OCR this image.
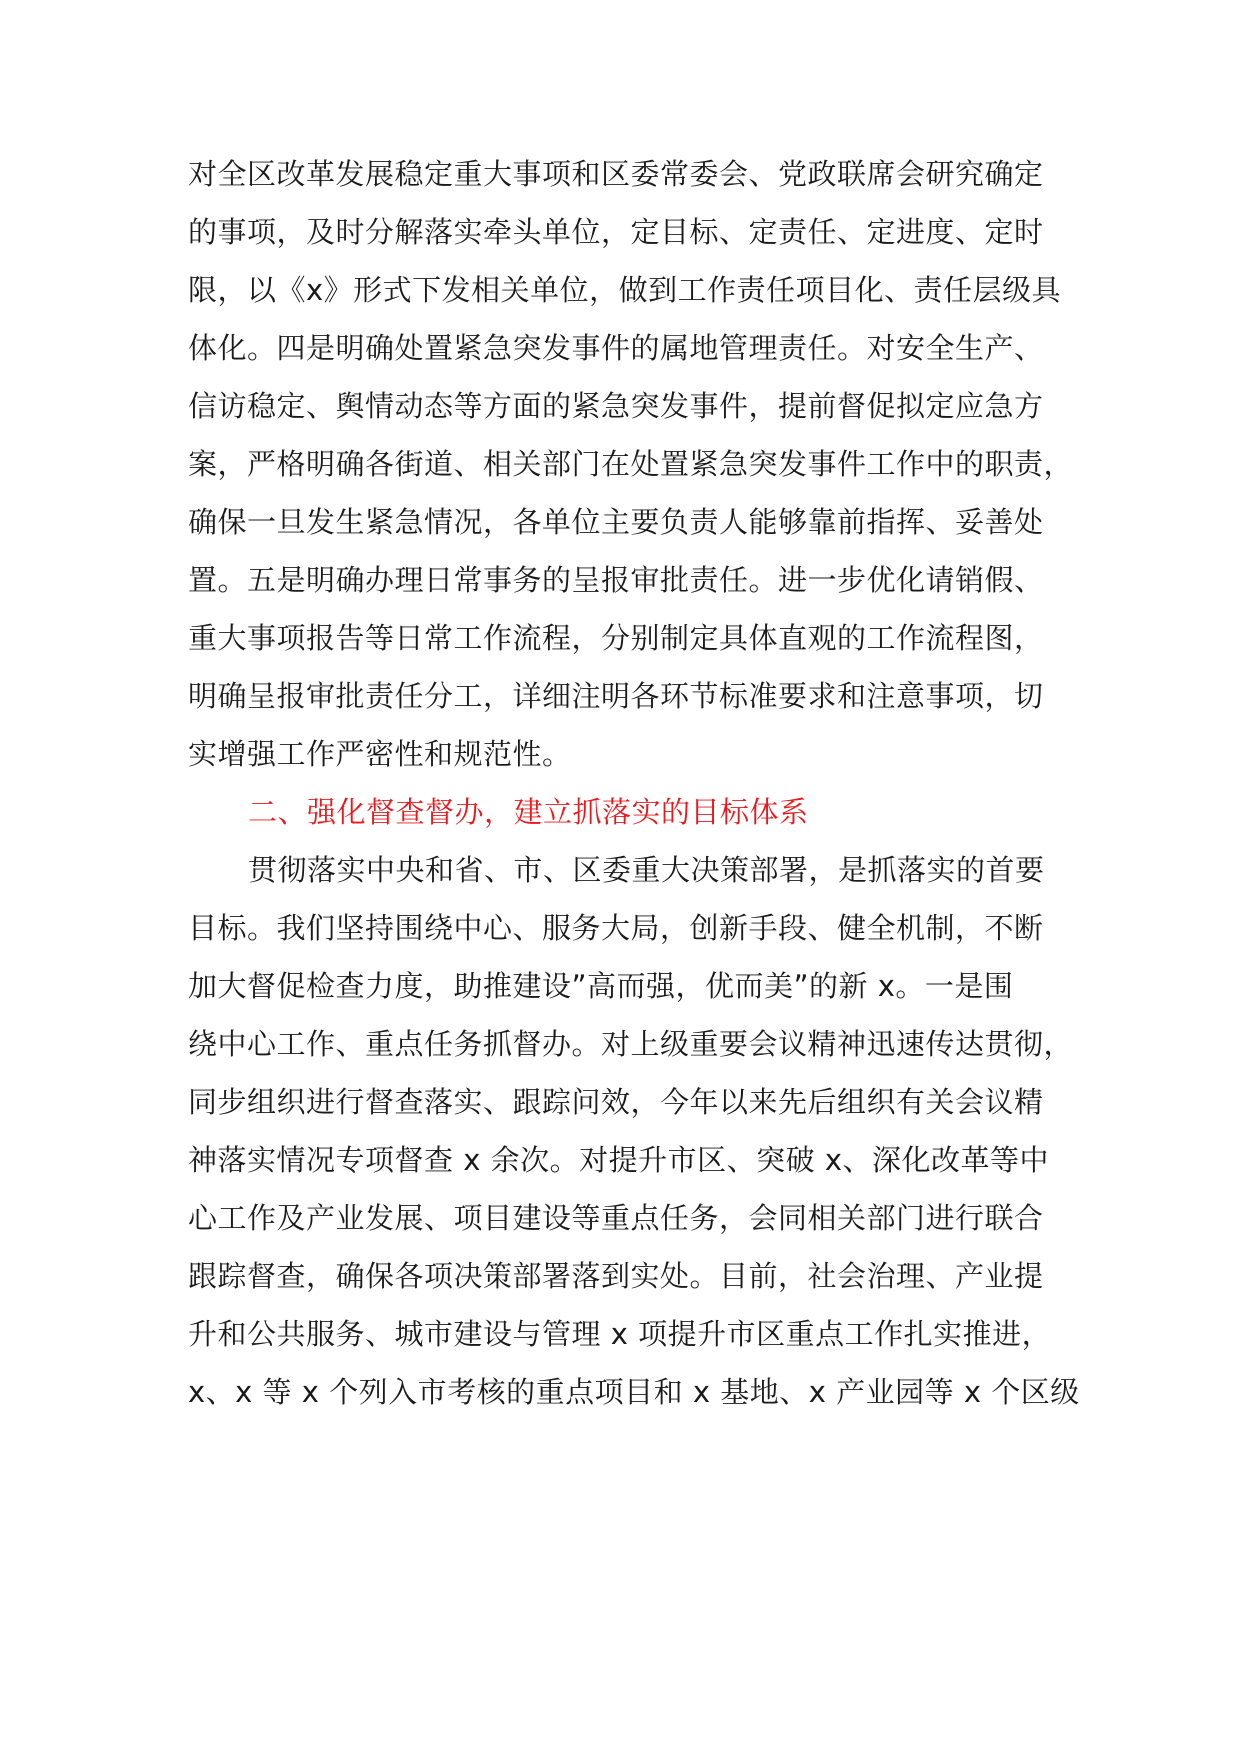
对全区改革发展稳定重大事项和区委常委会、党政联席会研究确定
的事项，及时分解落实牵头单位，定目标、定责任、定进度、定时
限，以《x》形式下发相关单位，做到工作责任项目化、责任层级具
体化。四是明确处置紧急突发事件的属地管理责任。对安全生产、
信访稳定、舆情动态等方面的紧急突发事件，提前督促拟定应急方
案，严格明确各街道、相关部门在处置紧急突发事件工作中的职责，
确保一旦发生紧急情况，各单位主要负责人能够靠前指挥、妥善处
置。五是明确办理日常事务的呈报审批责任。进一步优化请销假、
重大事项报告等日常工作流程，分别制定具体直观的工作流程图，
明确呈报审批责任分工，详细注明各环节标准要求和注意事项，切
实增强工作严密性和规范性。
二、强化督查督办，建立抓落实的目标体系
贯彻落实中央和省、市、区委重大决策部署，是抓落实的首要
目标。我们坚持围绕中心、服务大局，创新手段、健全机制，不断
加大督促检查力度，助推建设”高而强，优而美”的新 x。一是围
绕中心工作、重点任务抓督办。对上级重要会议精神迅速传达贯彻，
同步组织进行督查落实、跟踪问效，今年以来先后组织有关会议精
神落实情况专项督查 x 余次。对提升市区、突破 x、深化改革等中
心工作及产业发展、项目建设等重点任务，会同相关部门进行联合
跟踪督查，确保各项决策部署落到实处。目前，社会治理、产业提
升和公共服务、城市建设与管理 x 项提升市区重点工作扎实推进，
x、x 等 x 个列入市考核的重点项目和 x 基地、x 产业园等 x 个区级
